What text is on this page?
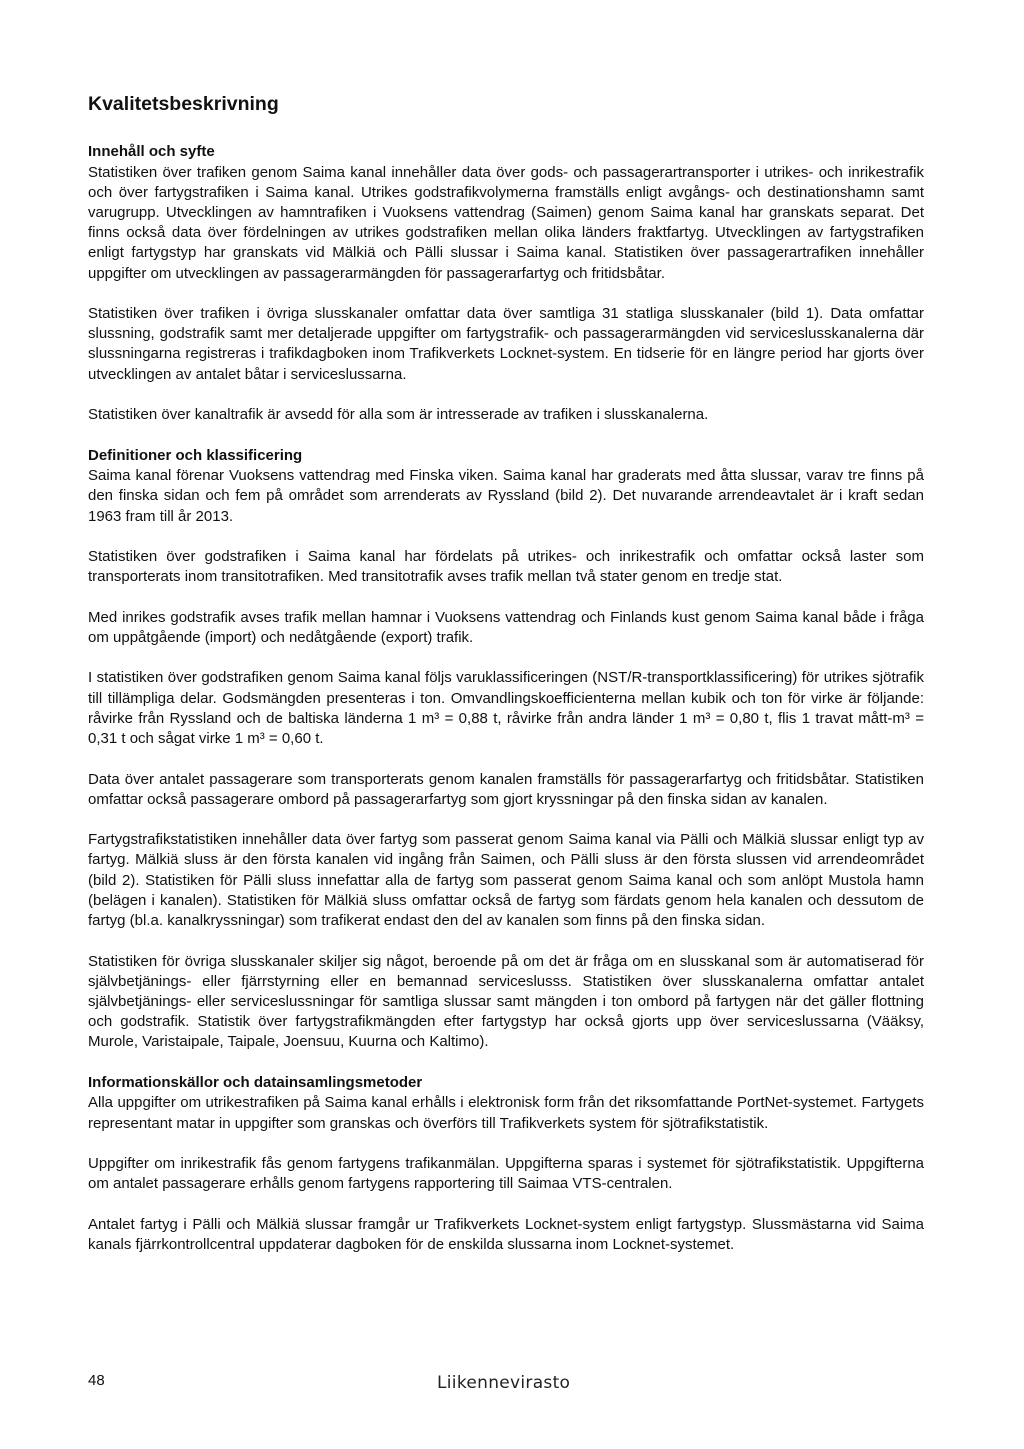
Kvalitetsbeskrivning
Innehåll och syfte

Statistiken över trafiken genom Saima kanal innehåller data över gods- och passagerartransporter i utrikes- och inrikestrafik och över fartygstrafiken i Saima kanal. Utrikes godstrafikvolymerna framställs enligt avgångs- och destinationshamn samt varugrupp. Utvecklingen av hamntrafiken i Vuoksens vattendrag (Saimen) genom Saima kanal har granskats separat. Det finns också data över fördelningen av utrikes godstrafiken mellan olika länders fraktfartyg. Utvecklingen av fartygstrafiken enligt fartygstyp har granskats vid Mälkiä och Pälli slussar i Saima kanal. Statistiken över passagerartrafiken innehåller uppgifter om utvecklingen av passagerarmängden för passagerarfartyg och fritidsbåtar.

Statistiken över trafiken i övriga slusskanaler omfattar data över samtliga 31 statliga slusskanaler (bild 1). Data omfattar slussning, godstrafik samt mer detaljerade uppgifter om fartygstrafik- och passagerarmängden vid serviceslusskanalerna där slussningarna registreras i trafikdagboken inom Trafikverkets Locknet-system. En tidserie för en längre period har gjorts över utvecklingen av antalet båtar i serviceslussarna.

Statistiken över kanaltrafik är avsedd för alla som är intresserade av trafiken i slusskanalerna.

Definitioner och klassificering

Saima kanal förenar Vuoksens vattendrag med Finska viken. Saima kanal har graderats med åtta slussar, varav tre finns på den finska sidan och fem på området som arrenderats av Ryssland (bild 2). Det nuvarande arrendeavtalet är i kraft sedan 1963 fram till år 2013.

Statistiken över godstrafiken i Saima kanal har fördelats på utrikes- och inrikestrafik och omfattar också laster som transporterats inom transitotrafiken. Med transitotrafik avses trafik mellan två stater genom en tredje stat.

Med inrikes godstrafik avses trafik mellan hamnar i Vuoksens vattendrag och Finlands kust genom Saima kanal både i fråga om uppåtgående (import) och nedåtgående (export) trafik.

I statistiken över godstrafiken genom Saima kanal följs varuklassificeringen (NST/R-transportklassificering) för utrikes sjötrafik till tillämpliga delar. Godsmängden presenteras i ton. Omvandlingskoefficienterna mellan kubik och ton för virke är följande: råvirke från Ryssland och de baltiska länderna 1 m³ = 0,88 t, råvirke från andra länder 1 m³ = 0,80 t, flis 1 travat mått-m³ = 0,31 t och sågat virke 1 m³ = 0,60 t.

Data över antalet passagerare som transporterats genom kanalen framställs för passagerarfartyg och fritidsbåtar. Statistiken omfattar också passagerare ombord på passagerarfartyg som gjort kryssningar på den finska sidan av kanalen.

Fartygstrafikstatistiken innehåller data över fartyg som passerat genom Saima kanal via Pälli och Mälkiä slussar enligt typ av fartyg. Mälkiä sluss är den första kanalen vid ingång från Saimen, och Pälli sluss är den första slussen vid arrendeområdet (bild 2). Statistiken för Pälli sluss innefattar alla de fartyg som passerat genom Saima kanal och som anlöpt Mustola hamn (belägen i kanalen). Statistiken för Mälkiä sluss omfattar också de fartyg som färdats genom hela kanalen och dessutom de fartyg (bl.a. kanalkryssningar) som trafikerat endast den del av kanalen som finns på den finska sidan.

Statistiken för övriga slusskanaler skiljer sig något, beroende på om det är fråga om en slusskanal som är automatiserad för självbetjänings- eller fjärrstyrning eller en bemannad serviceslusss. Statistiken över slusskanalerna omfattar antalet självbetjänings- eller serviceslussningar för samtliga slussar samt mängden i ton ombord på fartygen när det gäller flottning och godstrafik. Statistik över fartygstrafikmängden efter fartygstyp har också gjorts upp över serviceslussarna (Vääksy, Murole, Varistaipale, Taipale, Joensuu, Kuurna och Kaltimo).

Informationskällor och datainsamlingsmetoder

Alla uppgifter om utrikestrafiken på Saima kanal erhålls i elektronisk form från det riksomfattande PortNet-systemet. Fartygets representant matar in uppgifter som granskas och överförs till Trafikverkets system för sjötrafikstatistik.

Uppgifter om inrikestrafik fås genom fartygens trafikanmälan. Uppgifterna sparas i systemet för sjötrafikstatistik. Uppgifterna om antalet passagerare erhålls genom fartygens rapportering till Saimaa VTS-centralen.

Antalet fartyg i Pälli och Mälkiä slussar framgår ur Trafikverkets Locknet-system enligt fartygstyp. Slussmästarna vid Saima kanals fjärrkontrollcentral uppdaterar dagboken för de enskilda slussarna inom Locknet-systemet.

48	Liikennevirasto
